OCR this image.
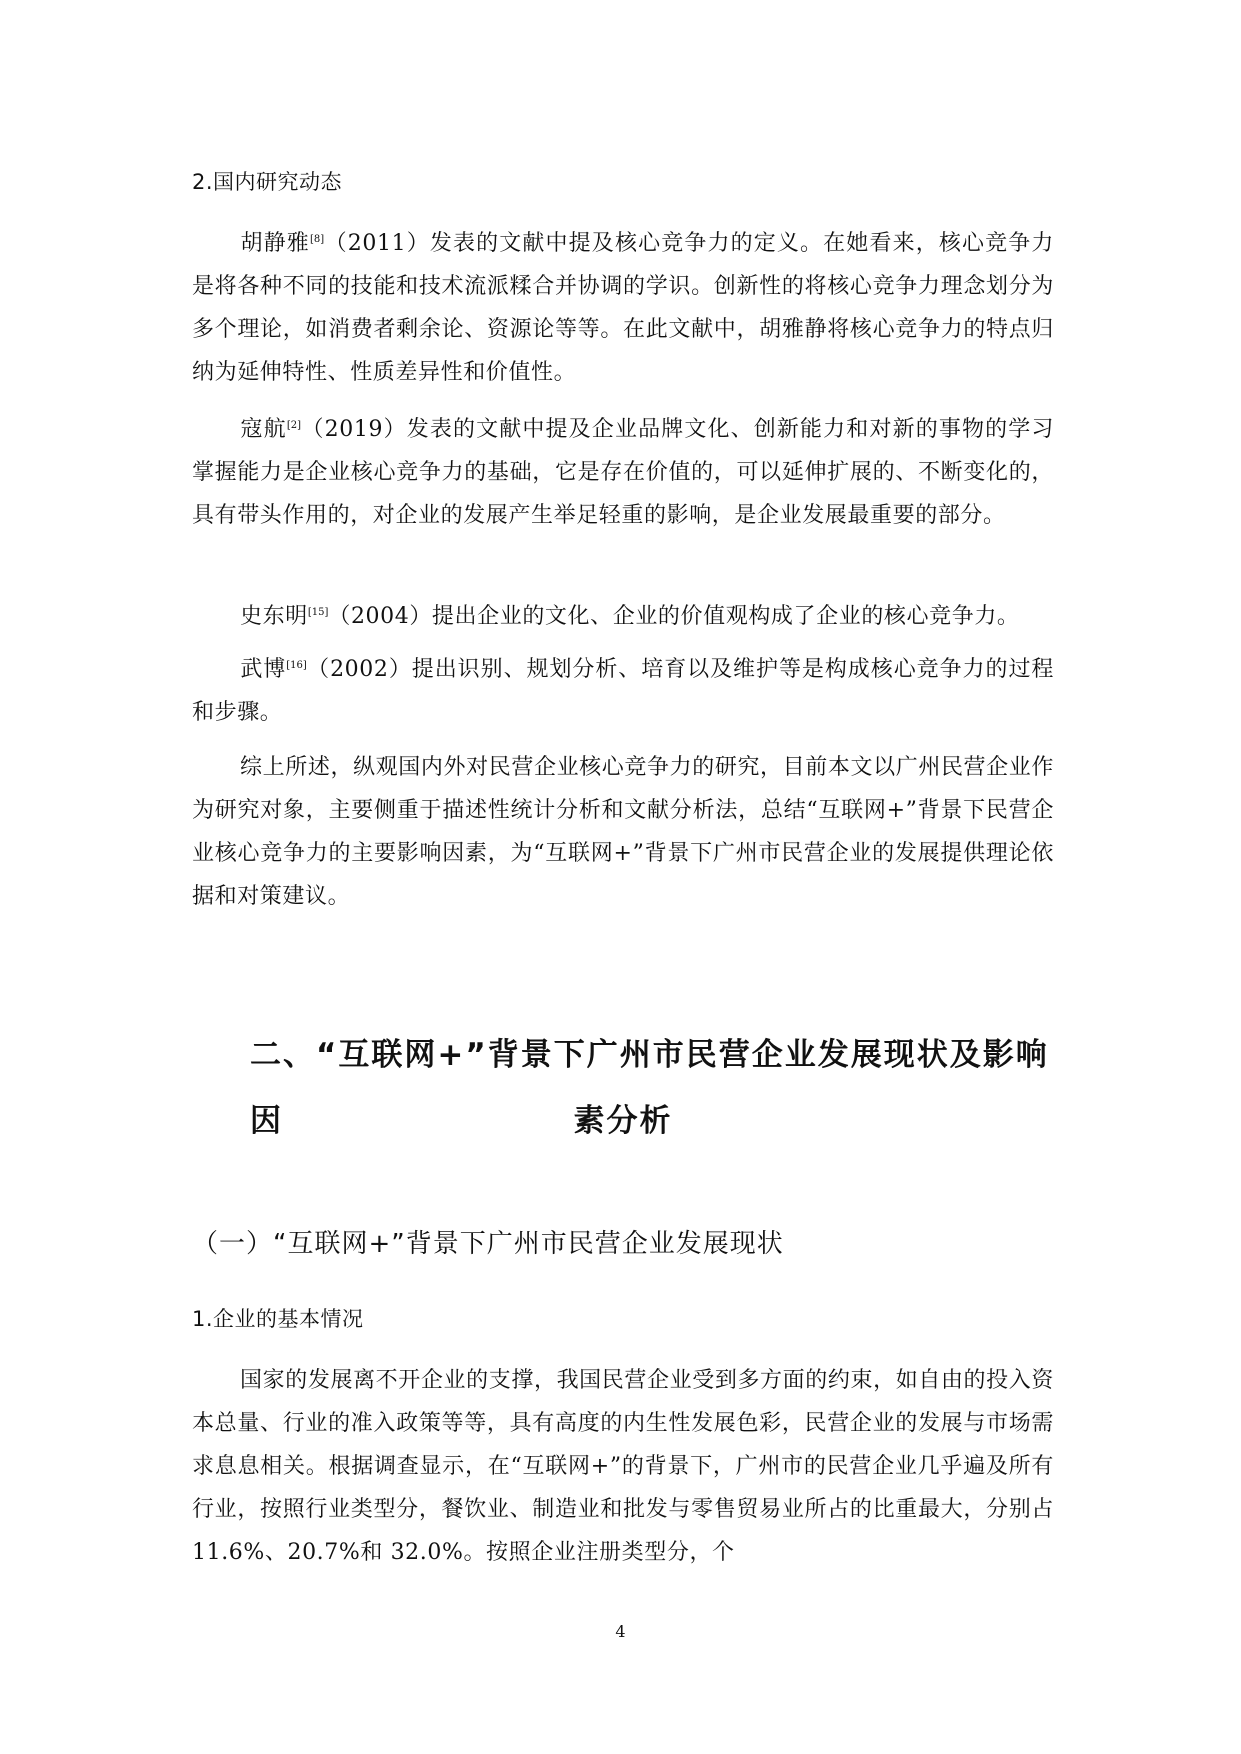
2.国内研究动态

胡静雅[8]（2011）发表的文献中提及核心竞争力的定义。在她看来，核心竞争力是将各种不同的技能和技术流派糅合并协调的学识。创新性的将核心竞争力理念划分为多个理论，如消费者剩余论、资源论等等。在此文献中，胡雅静将核心竞争力的特点归纳为延伸特性、性质差异性和价值性。

寇航[2]（2019）发表的文献中提及企业品牌文化、创新能力和对新的事物的学习掌握能力是企业核心竞争力的基础，它是存在价值的，可以延伸扩展的、不断变化的，具有带头作用的，对企业的发展产生举足轻重的影响，是企业发展最重要的部分。

史东明[15]（2004）提出企业的文化、企业的价值观构成了企业的核心竞争力。

武博[16]（2002）提出识别、规划分析、培育以及维护等是构成核心竞争力的过程和步骤。

综上所述，纵观国内外对民营企业核心竞争力的研究，目前本文以广州民营企业作为研究对象，主要侧重于描述性统计分析和文献分析法，总结“互联网+”背景下民营企业核心竞争力的主要影响因素，为“互联网+”背景下广州市民营企业的发展提供理论依据和对策建议。

二、“互联网+”背景下广州市民营企业发展现状及影响因	素分析
（一）“互联网+”背景下广州市民营企业发展现状
1.企业的基本情况

国家的发展离不开企业的支撑，我国民营企业受到多方面的约束，如自由的投入资本总量、行业的准入政策等等，具有高度的内生性发展色彩，民营企业的发展与市场需求息息相关。根据调查显示，在“互联网+”的背景下，广州市的民营企业几乎遍及所有行业，按照行业类型分，餐饮业、制造业和批发与零售贸易业所占的比重最大，分别占 11.6%、20.7%和 32.0%。按照企业注册类型分，个

4
